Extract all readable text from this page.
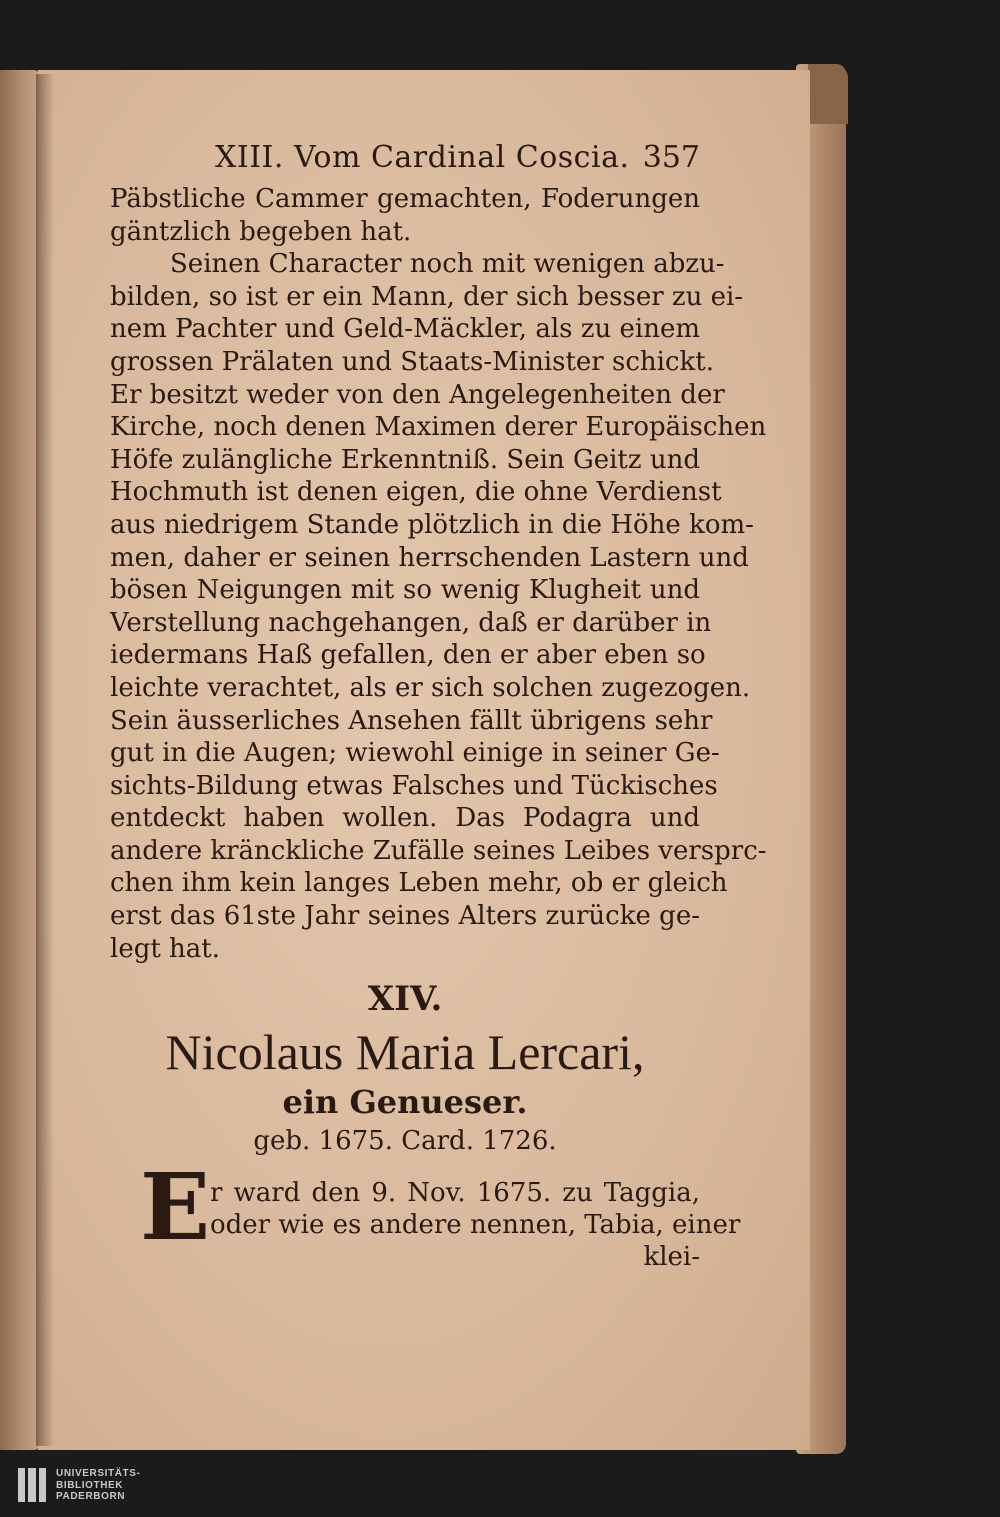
XIII. Vom Cardinal Coscia. 357
Päbstliche Cammer gemachten, Foderungen
gäntzlich begeben hat.
Seinen Character noch mit wenigen abzu-
bilden, so ist er ein Mann, der sich besser zu ei-
nem Pachter und Geld-Mäckler, als zu einem
grossen Prälaten und Staats-Minister schickt.
Er besitzt weder von den Angelegenheiten der
Kirche, noch denen Maximen derer Europäischen
Höfe zulängliche Erkenntniß. Sein Geitz und
Hochmuth ist denen eigen, die ohne Verdienst
aus niedrigem Stande plötzlich in die Höhe kom-
men, daher er seinen herrschenden Lastern und
bösen Neigungen mit so wenig Klugheit und
Verstellung nachgehangen, daß er darüber in
iedermans Haß gefallen, den er aber eben so
leichte verachtet, als er sich solchen zugezogen.
Sein äusserliches Ansehen fällt übrigens sehr
gut in die Augen; wiewohl einige in seiner Ge-
sichts-Bildung etwas Falsches und Tückisches
entdeckt haben wollen. Das Podagra und
andere kränckliche Zufälle seines Leibes versprc-
chen ihm kein langes Leben mehr, ob er gleich
erst das 61ste Jahr seines Alters zurücke ge-
legt hat.
XIV.
Nicolaus Maria Lercari,
ein Genueser.
geb. 1675. Card. 1726.
E r ward den 9. Nov. 1675. zu Taggia,
oder wie es andere nennen, Tabia, einer
klei-
UNIVERSITÄTS-
BIBLIOTHEK
PADERBORN
